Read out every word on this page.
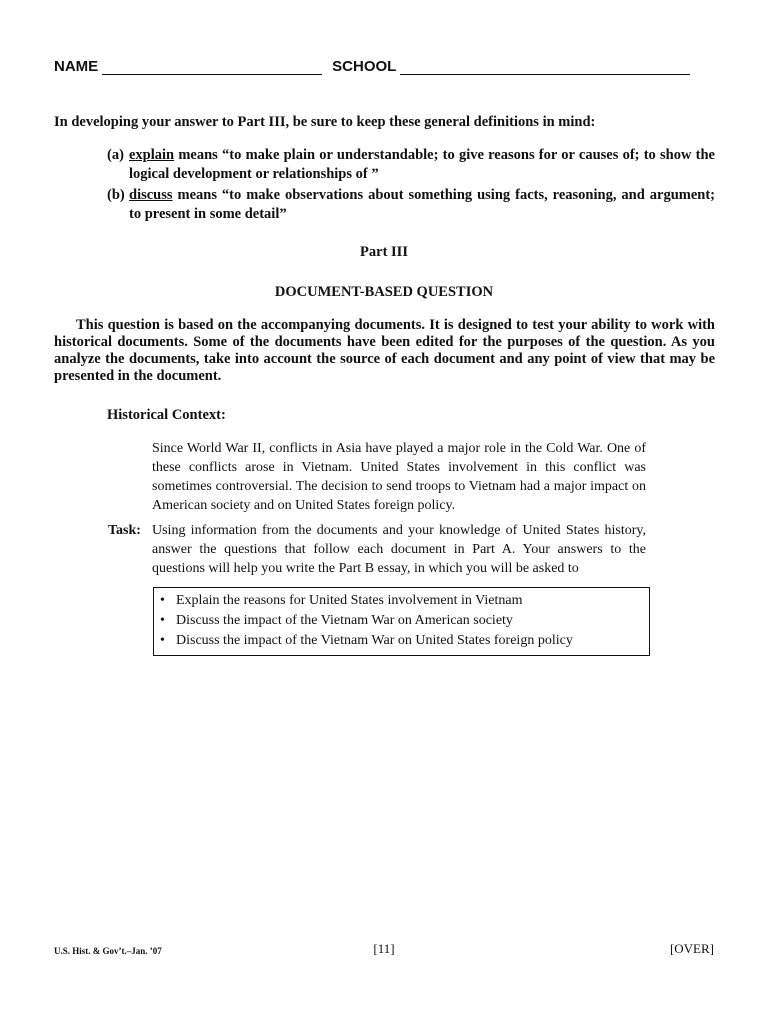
NAME	SCHOOL
In developing your answer to Part III, be sure to keep these general definitions in mind:
(a) explain means “to make plain or understandable; to give reasons for or causes of; to show the logical development or relationships of ”
(b) discuss means “to make observations about something using facts, reasoning, and argument; to present in some detail”
Part III
DOCUMENT-BASED QUESTION
This question is based on the accompanying documents. It is designed to test your ability to work with historical documents. Some of the documents have been edited for the purposes of the question. As you analyze the documents, take into account the source of each document and any point of view that may be presented in the document.
Historical Context:
Since World War II, conflicts in Asia have played a major role in the Cold War. One of these conflicts arose in Vietnam. United States involvement in this conflict was sometimes controversial. The decision to send troops to Vietnam had a major impact on American society and on United States foreign policy.
Task: Using information from the documents and your knowledge of United States history, answer the questions that follow each document in Part A. Your answers to the questions will help you write the Part B essay, in which you will be asked to
• Explain the reasons for United States involvement in Vietnam
• Discuss the impact of the Vietnam War on American society
• Discuss the impact of the Vietnam War on United States foreign policy
U.S. Hist. & Gov’t.–Jan. ’07	[11]	[OVER]
